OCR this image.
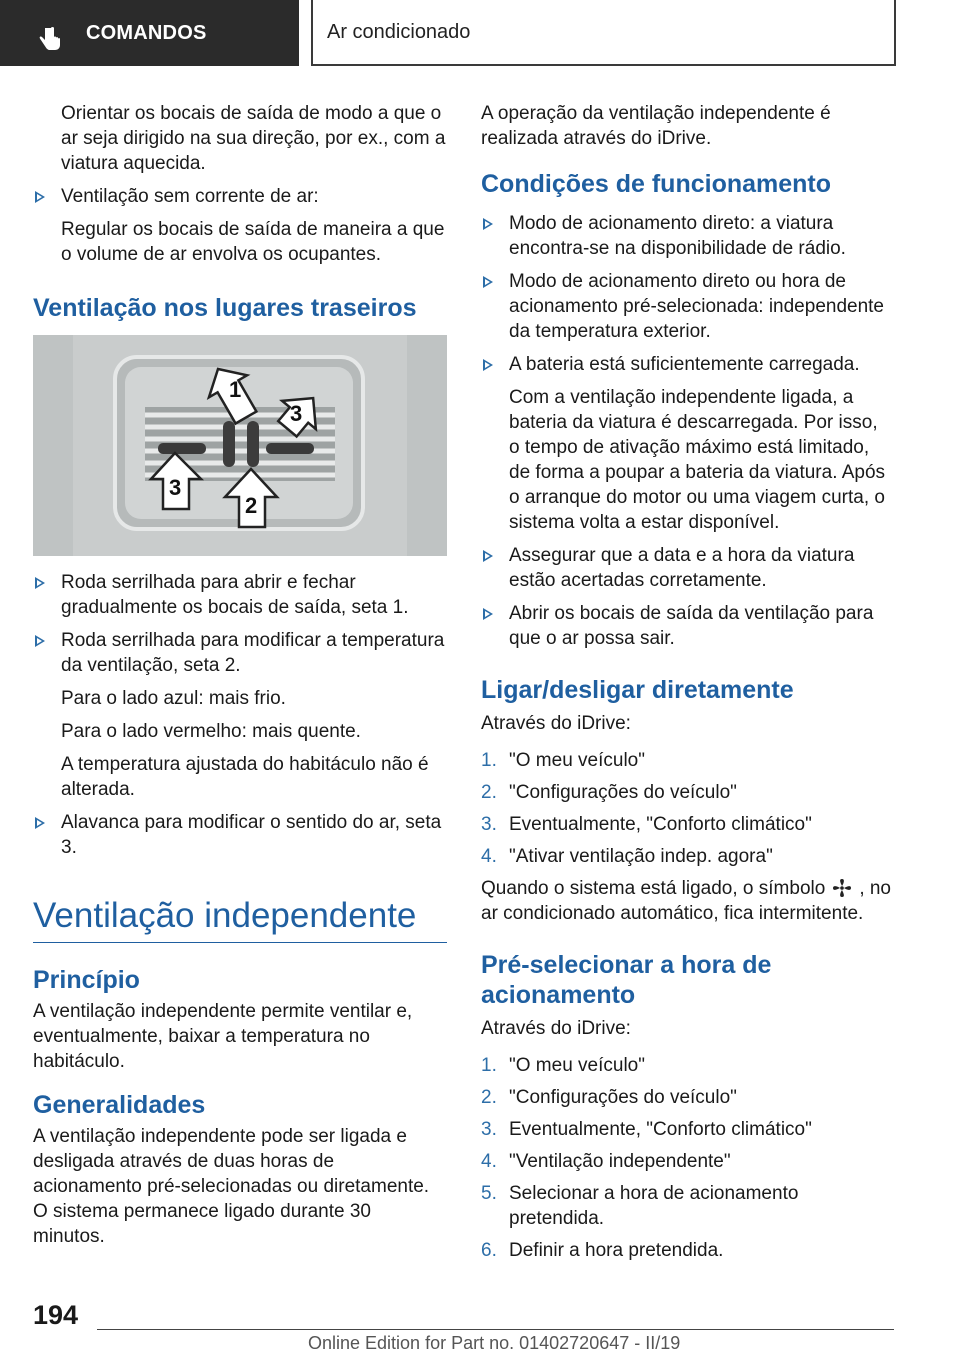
COMANDOS	Ar condicionado

Orientar os bocais de saída de modo a que o ar seja dirigido na sua direção, por ex., com a viatura aquecida.

Ventilação sem corrente de ar:

Regular os bocais de saída de maneira a que o volume de ar envolva os ocupantes.

Ventilação nos lugares traseiros
1
3
3
2
Roda serrilhada para abrir e fechar gradualmente os bocais de saída, seta 1.
Roda serrilhada para modificar a temperatura da ventilação, seta 2.

Para o lado azul: mais frio.

Para o lado vermelho: mais quente.

A temperatura ajustada do habitáculo não é alterada.

Alavanca para modificar o sentido do ar, seta 3.
Ventilação independente
Princípio

A ventilação independente permite ventilar e, eventualmente, baixar a temperatura no habitáculo.

Generalidades

A ventilação independente pode ser ligada e desligada através de duas horas de acionamento pré-selecionadas ou diretamente. O sistema permanece ligado durante 30 minutos.

A operação da ventilação independente é realizada através do iDrive.

Condições de funcionamento
Modo de acionamento direto: a viatura encontra-se na disponibilidade de rádio.
Modo de acionamento direto ou hora de acionamento pré-selecionada: independente da temperatura exterior.
A bateria está suficientemente carregada.

Com a ventilação independente ligada, a bateria da viatura é descarregada. Por isso, o tempo de ativação máximo está limitado, de forma a poupar a bateria da viatura. Após o arranque do motor ou uma viagem curta, o sistema volta a estar disponível.

Assegurar que a data e a hora da viatura estão acertadas corretamente.
Abrir os bocais de saída da ventilação para que o ar possa sair.
Ligar/desligar diretamente

Através do iDrive:

1. "O meu veículo"
2. "Configurações do veículo"
3. Eventualmente, "Conforto climático"
4. "Ativar ventilação indep. agora"

Quando o sistema está ligado, o símbolo , no ar condicionado automático, fica intermitente.

Pré-selecionar a hora de acionamento

Através do iDrive:

1. "O meu veículo"
2. "Configurações do veículo"
3. Eventualmente, "Conforto climático"
4. "Ventilação independente"
5. Selecionar a hora de acionamento pretendida.
6. Definir a hora pretendida.
194
Online Edition for Part no. 01402720647 - II/19
